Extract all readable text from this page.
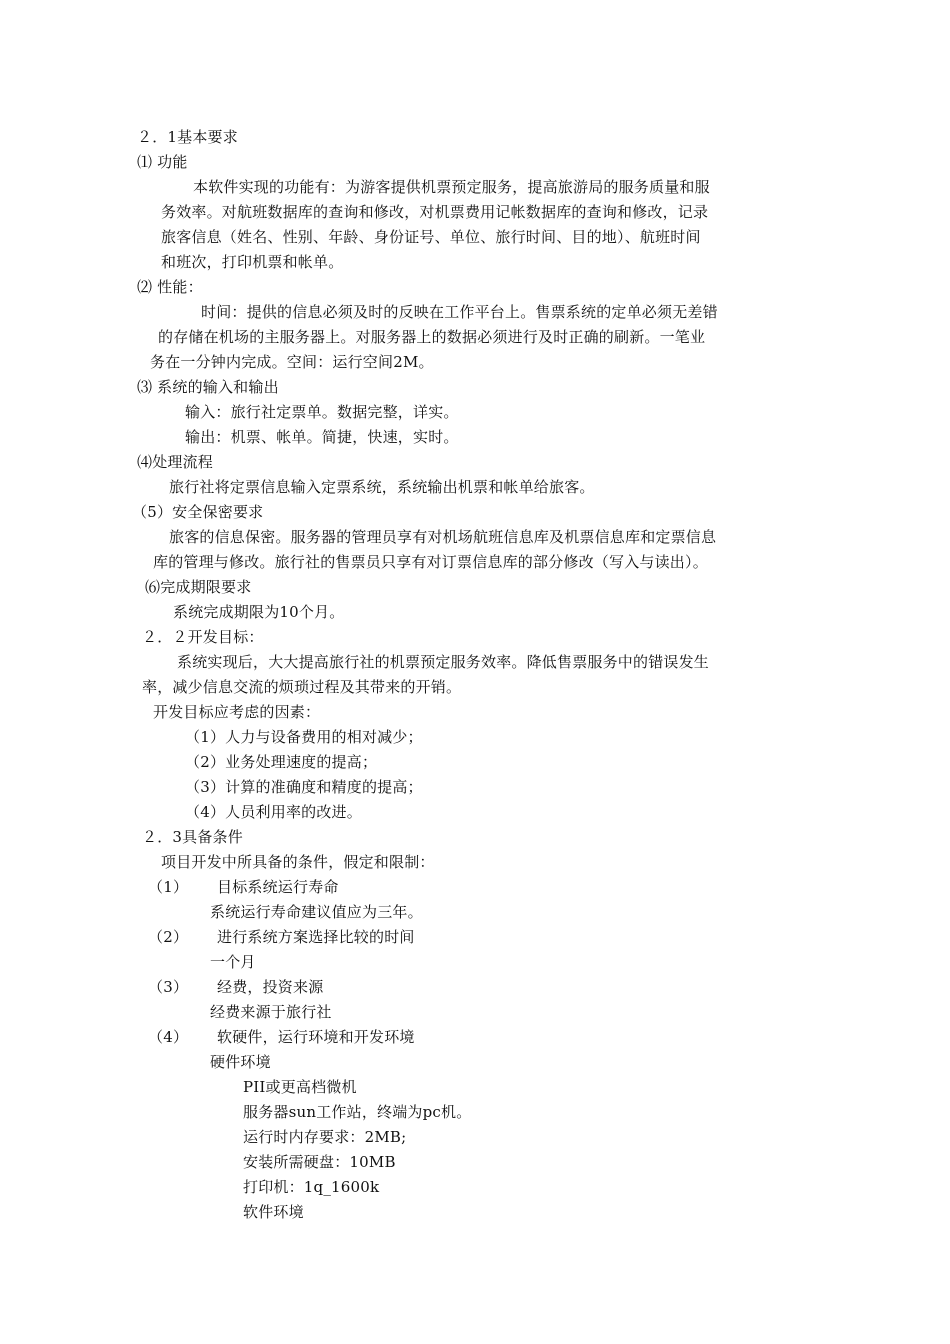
２．1基本要求
⑴ 功能
本软件实现的功能有：为游客提供机票预定服务，提高旅游局的服务质量和服
务效率。对航班数据库的查询和修改，对机票费用记帐数据库的查询和修改，记录
旅客信息（姓名、性别、年龄、身份证号、单位、旅行时间、目的地）、航班时间
和班次，打印机票和帐单。
⑵ 性能：
时间：提供的信息必须及时的反映在工作平台上。售票系统的定单必须无差错
的存储在机场的主服务器上。对服务器上的数据必须进行及时正确的刷新。一笔业
务在一分钟内完成。空间：运行空间2M。
⑶ 系统的输入和输出
输入：旅行社定票单。数据完整，详实。
输出：机票、帐单。简捷，快速，实时。
⑷处理流程
旅行社将定票信息输入定票系统，系统输出机票和帐单给旅客。
（5）安全保密要求
旅客的信息保密。服务器的管理员享有对机场航班信息库及机票信息库和定票信息
库的管理与修改。旅行社的售票员只享有对订票信息库的部分修改（写入与读出）。
⑹完成期限要求
系统完成期限为10个月。
２．２开发目标：
系统实现后，大大提高旅行社的机票预定服务效率。降低售票服务中的错误发生
率，减少信息交流的烦琐过程及其带来的开销。
开发目标应考虑的因素：
（1）人力与设备费用的相对减少；
（2）业务处理速度的提高；
（3）计算的准确度和精度的提高；
（4）人员利用率的改进。
２．3具备条件
项目开发中所具备的条件，假定和限制：
（1） 目标系统运行寿命
系统运行寿命建议值应为三年。
（2） 进行系统方案选择比较的时间
一个月
（3） 经费，投资来源
经费来源于旅行社
（4） 软硬件，运行环境和开发环境
硬件环境
PII或更高档微机
服务器sun工作站，终端为pc机。
运行时内存要求：2MB;
安装所需硬盘：10MB
打印机：1q_1600k
软件环境
